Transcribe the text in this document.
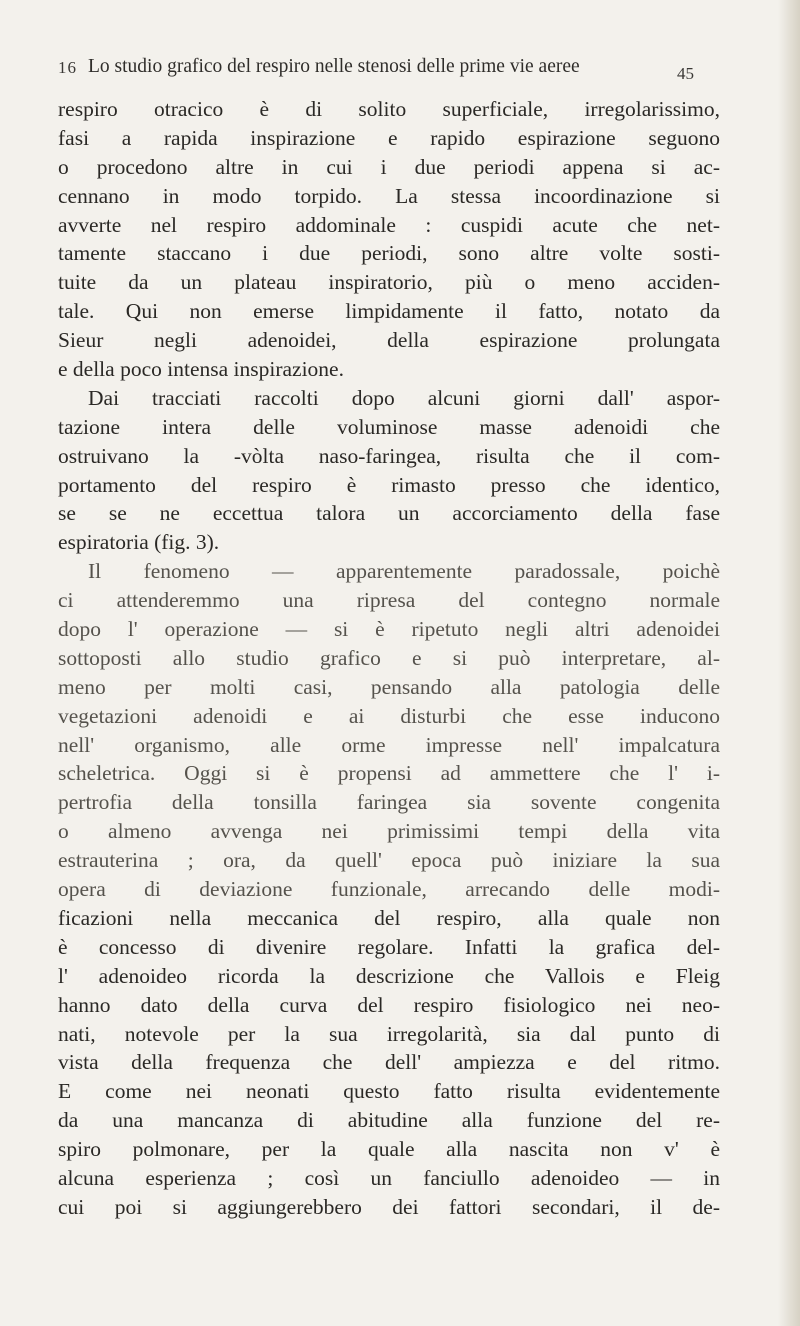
16 Lo studio grafico del respiro nelle stenosi delle prime vie aeree	45
respiro otracico è di solito superficiale, irregolarissimo,
fasi a rapida inspirazione e rapido espirazione seguono
o procedono altre in cui i due periodi appena si ac-
cennano in modo torpido. La stessa incoordinazione si
avverte nel respiro addominale : cuspidi acute che net-
tamente staccano i due periodi, sono altre volte sosti-
tuite da un plateau inspiratorio, più o meno acciden-
tale. Qui non emerse limpidamente il fatto, notato da
Sieur negli adenoidei, della espirazione prolungata
e della poco intensa inspirazione.
Dai tracciati raccolti dopo alcuni giorni dall' aspor-
tazione intera delle voluminose masse adenoidi che
ostruivano la -vòlta naso-faringea, risulta che il com-
portamento del respiro è rimasto presso che identico,
se se ne eccettua talora un accorciamento della fase
espiratoria (fig. 3).
Il fenomeno — apparentemente paradossale, poichè
ci attenderemmo una ripresa del contegno normale
dopo l' operazione — si è ripetuto negli altri adenoidei
sottoposti allo studio grafico e si può interpretare, al-
meno per molti casi, pensando alla patologia delle
vegetazioni adenoidi e ai disturbi che esse inducono
nell' organismo, alle orme impresse nell' impalcatura
scheletrica. Oggi si è propensi ad ammettere che l' i-
pertrofia della tonsilla faringea sia sovente congenita
o almeno avvenga nei primissimi tempi della vita
estrauterina ; ora, da quell' epoca può iniziare la sua
opera di deviazione funzionale, arrecando delle modi-
ficazioni nella meccanica del respiro, alla quale non
è concesso di divenire regolare. Infatti la grafica del-
l' adenoideo ricorda la descrizione che Vallois e Fleig
hanno dato della curva del respiro fisiologico nei neo-
nati, notevole per la sua irregolarità, sia dal punto di
vista della frequenza che dell' ampiezza e del ritmo.
E come nei neonati questo fatto risulta evidentemente
da una mancanza di abitudine alla funzione del re-
spiro polmonare, per la quale alla nascita non v' è
alcuna esperienza ; così un fanciullo adenoideo — in
cui poi si aggiungerebbero dei fattori secondari, il de-
